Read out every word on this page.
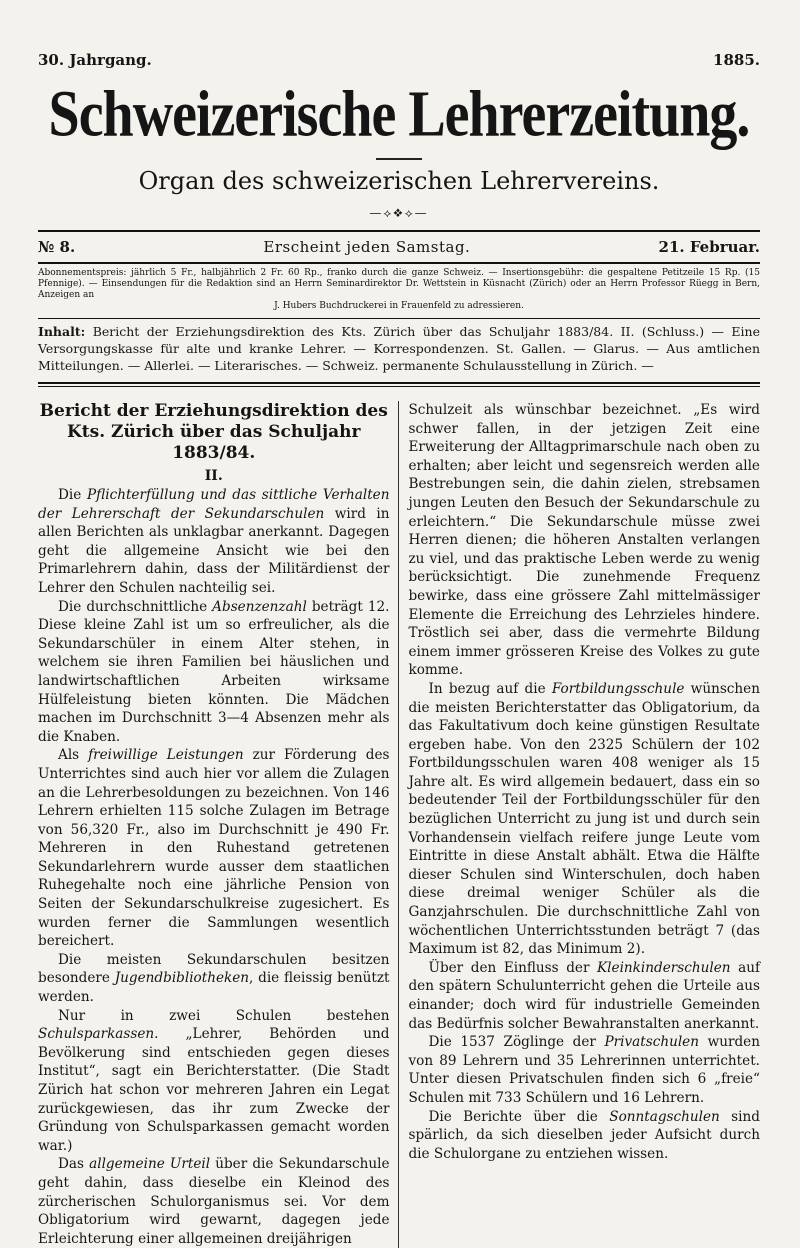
30. Jahrgang.	1885.
Schweizerische Lehrerzeitung.
Organ des schweizerischen Lehrervereins.
—⟡❖⟡—
№ 8.	Erscheint jeden Samstag.	21. Februar.
Abonnementspreis: jährlich 5 Fr., halbjährlich 2 Fr. 60 Rp., franko durch die ganze Schweiz. — Insertionsgebühr: die gespaltene Petitzeile 15 Rp. (15 Pfennige). — Einsendungen für die Redaktion sind an Herrn Seminardirektor Dr. Wettstein in Küsnacht (Zürich) oder an Herrn Professor Rüegg in Bern, Anzeigen an
J. Hubers Buchdruckerei in Frauenfeld zu adressieren.
Inhalt: Bericht der Erziehungsdirektion des Kts. Zürich über das Schuljahr 1883/84. II. (Schluss.) — Eine Versorgungskasse für alte und kranke Lehrer. — Korrespondenzen. St. Gallen. — Glarus. — Aus amtlichen Mitteilungen. — Allerlei. — Literarisches. — Schweiz. permanente Schulausstellung in Zürich. —
Bericht der Erziehungsdirektion des Kts. Zürich über das Schuljahr 1883/84.
II.

Die Pflichterfüllung und das sittliche Verhalten der Lehrerschaft der Sekundarschulen wird in allen Berichten als unklagbar anerkannt. Dagegen geht die allgemeine Ansicht wie bei den Primarlehrern dahin, dass der Militärdienst der Lehrer den Schulen nachteilig sei.

Die durchschnittliche Absenzenzahl beträgt 12. Diese kleine Zahl ist um so erfreulicher, als die Sekundarschüler in einem Alter stehen, in welchem sie ihren Familien bei häuslichen und landwirtschaftlichen Arbeiten wirksame Hülfeleistung bieten könnten. Die Mädchen machen im Durchschnitt 3—4 Absenzen mehr als die Knaben.

Als freiwillige Leistungen zur Förderung des Unterrichtes sind auch hier vor allem die Zulagen an die Lehrerbesoldungen zu bezeichnen. Von 146 Lehrern erhielten 115 solche Zulagen im Betrage von 56,320 Fr., also im Durchschnitt je 490 Fr. Mehreren in den Ruhestand getretenen Sekundarlehrern wurde ausser dem staatlichen Ruhegehalte noch eine jährliche Pension von Seiten der Sekundarschulkreise zugesichert. Es wurden ferner die Sammlungen wesentlich bereichert.

Die meisten Sekundarschulen besitzen besondere Jugendbibliotheken, die fleissig benützt werden.

Nur in zwei Schulen bestehen Schulsparkassen. „Lehrer, Behörden und Bevölkerung sind entschieden gegen dieses Institut“, sagt ein Berichterstatter. (Die Stadt Zürich hat schon vor mehreren Jahren ein Legat zurückgewiesen, das ihr zum Zwecke der Gründung von Schulsparkassen gemacht worden war.)

Das allgemeine Urteil über die Sekundarschule geht dahin, dass dieselbe ein Kleinod des zürcherischen Schulorganismus sei. Vor dem Obligatorium wird gewarnt, dagegen jede Erleichterung einer allgemeinen dreijährigen

Schulzeit als wünschbar bezeichnet. „Es wird schwer fallen, in der jetzigen Zeit eine Erweiterung der Alltagprimarschule nach oben zu erhalten; aber leicht und segensreich werden alle Bestrebungen sein, die dahin zielen, strebsamen jungen Leuten den Besuch der Sekundarschule zu erleichtern.“ Die Sekundarschule müsse zwei Herren dienen; die höheren Anstalten verlangen zu viel, und das praktische Leben werde zu wenig berücksichtigt. Die zunehmende Frequenz bewirke, dass eine grössere Zahl mittelmässiger Elemente die Erreichung des Lehrzieles hindere. Tröstlich sei aber, dass die vermehrte Bildung einem immer grösseren Kreise des Volkes zu gute komme.

In bezug auf die Fortbildungsschule wünschen die meisten Berichterstatter das Obligatorium, da das Fakultativum doch keine günstigen Resultate ergeben habe. Von den 2325 Schülern der 102 Fortbildungsschulen waren 408 weniger als 15 Jahre alt. Es wird allgemein bedauert, dass ein so bedeutender Teil der Fortbildungsschüler für den bezüglichen Unterricht zu jung ist und durch sein Vorhandensein vielfach reifere junge Leute vom Eintritte in diese Anstalt abhält. Etwa die Hälfte dieser Schulen sind Winterschulen, doch haben diese dreimal weniger Schüler als die Ganzjahrschulen. Die durchschnittliche Zahl von wöchentlichen Unterrichtsstunden beträgt 7 (das Maximum ist 82, das Minimum 2).

Über den Einfluss der Kleinkinderschulen auf den spätern Schulunterricht gehen die Urteile aus einander; doch wird für industrielle Gemeinden das Bedürfnis solcher Bewahranstalten anerkannt.

Die 1537 Zöglinge der Privatschulen wurden von 89 Lehrern und 35 Lehrerinnen unterrichtet. Unter diesen Privatschulen finden sich 6 „freie“ Schulen mit 733 Schülern und 16 Lehrern.

Die Berichte über die Sonntagschulen sind spärlich, da sich dieselben jeder Aufsicht durch die Schulorgane zu entziehen wissen.
